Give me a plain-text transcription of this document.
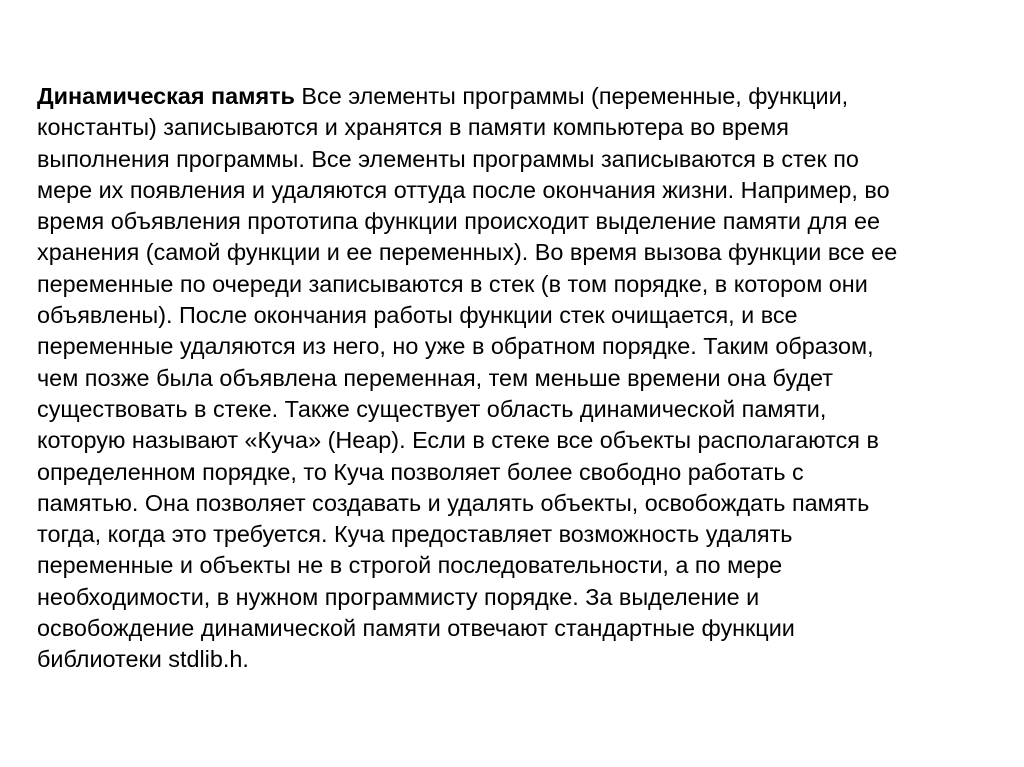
Динамическая память Все элементы программы (переменные, функции,
константы) записываются и хранятся в памяти компьютера во время
выполнения программы. Все элементы программы записываются в стек по
мере их появления и удаляются оттуда после окончания жизни. Например, во
время объявления прототипа функции происходит выделение памяти для ее
хранения (самой функции и ее переменных). Во время вызова функции все ее
переменные по очереди записываются в стек (в том порядке, в котором они
объявлены). После окончания работы функции стек очищается, и все
переменные удаляются из него, но уже в обратном порядке. Таким образом,
чем позже была объявлена переменная, тем меньше времени она будет
существовать в стеке. Также существует область динамической памяти,
которую называют «Куча» (Heap). Если в стеке все объекты располагаются в
определенном порядке, то Куча позволяет более свободно работать с
памятью. Она позволяет создавать и удалять объекты, освобождать память
тогда, когда это требуется. Куча предоставляет возможность удалять
переменные и объекты не в строгой последовательности, а по мере
необходимости, в нужном программисту порядке. За выделение и
освобождение динамической памяти отвечают стандартные функции
библиотеки stdlib.h.
